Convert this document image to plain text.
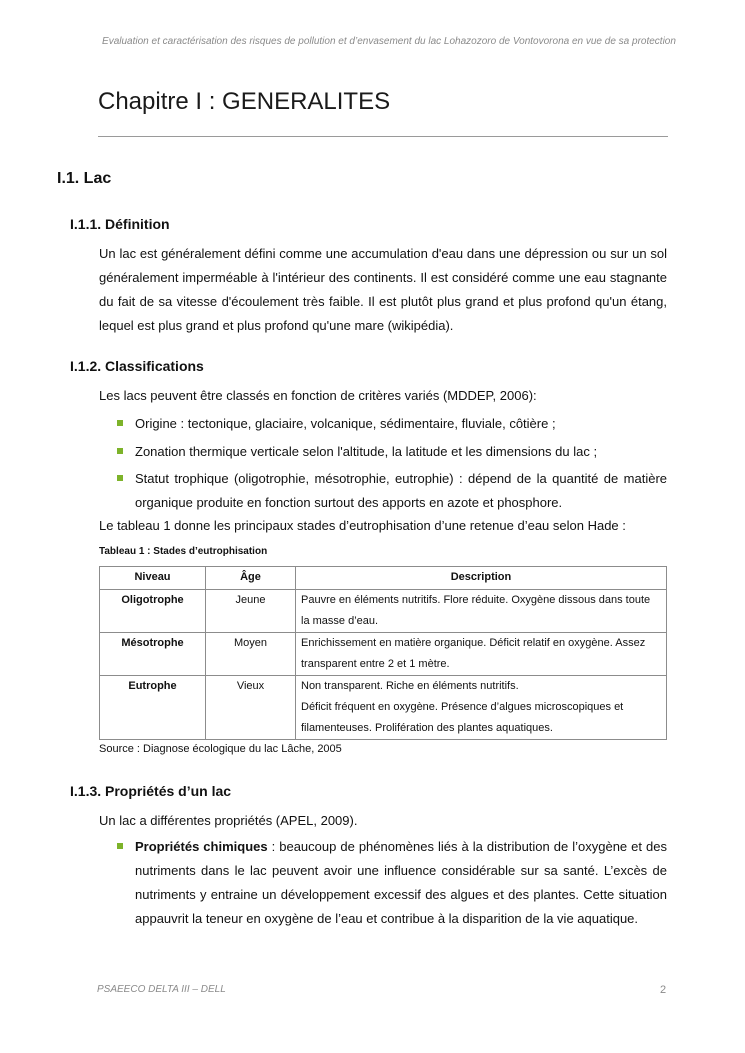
Evaluation et caractérisation des risques de pollution et d’envasement du lac Lohazozoro de Vontovorona en vue de sa protection
Chapitre I : GENERALITES
I.1. Lac
I.1.1. Définition
Un lac est généralement défini comme une accumulation d'eau dans une dépression ou sur un sol généralement imperméable à l'intérieur des continents. Il est considéré comme une eau stagnante du fait de sa vitesse d'écoulement très faible. Il est plutôt plus grand et plus profond qu'un étang, lequel est plus grand et plus profond qu'une mare (wikipédia).
I.1.2. Classifications
Les lacs peuvent être classés en fonction de critères variés (MDDEP, 2006):
Origine : tectonique, glaciaire, volcanique, sédimentaire, fluviale, côtière ;
Zonation thermique verticale selon l'altitude, la latitude et les dimensions du lac ;
Statut trophique (oligotrophie, mésotrophie, eutrophie) : dépend de la quantité de matière organique produite en fonction surtout des apports en azote et phosphore.
Le tableau 1 donne les principaux stades d’eutrophisation d’une retenue d’eau selon Hade :
Tableau 1 : Stades d’eutrophisation
Niveau	Âge	Description
Oligotrophe	Jeune	Pauvre en éléments nutritifs. Flore réduite. Oxygène dissous dans toute la masse d’eau.

Mésotrophe	Moyen	Enrichissement en matière organique. Déficit relatif en oxygène. Assez transparent entre 2 et 1 mètre.

Eutrophe	Vieux	Non transparent. Riche en éléments nutritifs.
Déficit fréquent en oxygène. Présence d’algues microscopiques et filamenteuses. Prolifération des plantes aquatiques.
Source : Diagnose écologique du lac Lâche, 2005
I.1.3. Propriétés d’un lac
Un lac a différentes propriétés (APEL, 2009).
Propriétés chimiques : beaucoup de phénomènes liés à la distribution de l’oxygène et des nutriments dans le lac peuvent avoir une influence considérable sur sa santé. L’excès de nutriments y entraine un développement excessif des algues et des plantes. Cette situation appauvrit la teneur en oxygène de l’eau et contribue à la disparition de la vie aquatique.
PSAEECO DELTA III – DELL	2
